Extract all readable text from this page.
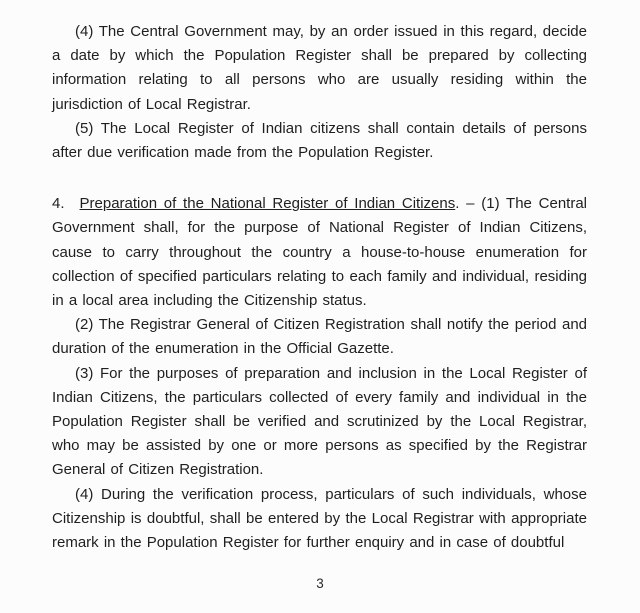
(4) The Central Government may, by an order issued in this regard, decide a date by which the Population Register shall be prepared by collecting information relating to all persons who are usually residing within the jurisdiction of Local Registrar.

(5) The Local Register of Indian citizens shall contain details of persons after due verification made from the Population Register.

4. Preparation of the National Register of Indian Citizens. – (1) The Central Government shall, for the purpose of National Register of Indian Citizens, cause to carry throughout the country a house-to-house enumeration for collection of specified particulars relating to each family and individual, residing in a local area including the Citizenship status.

(2) The Registrar General of Citizen Registration shall notify the period and duration of the enumeration in the Official Gazette.

(3) For the purposes of preparation and inclusion in the Local Register of Indian Citizens, the particulars collected of every family and individual in the Population Register shall be verified and scrutinized by the Local Registrar, who may be assisted by one or more persons as specified by the Registrar General of Citizen Registration.

(4) During the verification process, particulars of such individuals, whose Citizenship is doubtful, shall be entered by the Local Registrar with appropriate remark in the Population Register for further enquiry and in case of doubtful

3
